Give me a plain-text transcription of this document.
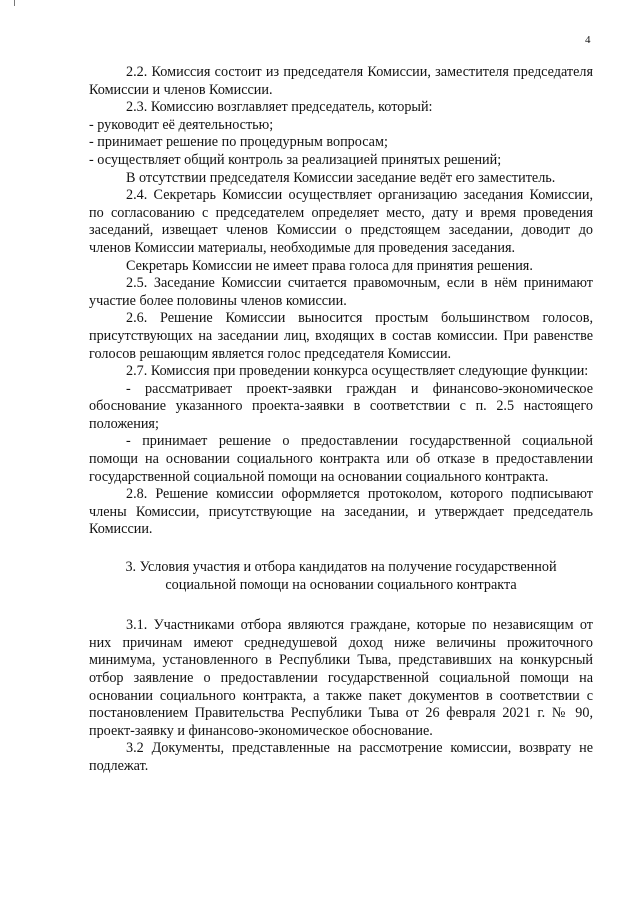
4

2.2. Комиссия состоит из председателя Комиссии, заместителя председателя Комиссии и членов Комиссии.

2.3. Комиссию возглавляет председатель, который:

- руководит её деятельностью;

- принимает решение по процедурным вопросам;

- осуществляет общий контроль за реализацией принятых решений;

В отсутствии председателя Комиссии заседание ведёт его заместитель.

2.4. Секретарь Комиссии осуществляет организацию заседания Комиссии, по согласованию с председателем определяет место, дату и время проведения заседаний, извещает членов Комиссии о предстоящем заседании, доводит до членов Комиссии материалы, необходимые для проведения заседания.

Секретарь Комиссии не имеет права голоса для принятия решения.

2.5. Заседание Комиссии считается правомочным, если в нём принимают участие более половины членов комиссии.

2.6. Решение Комиссии выносится простым большинством голосов, присутствующих на заседании лиц, входящих в состав комиссии. При равенстве голосов решающим является голос председателя Комиссии.

2.7. Комиссия при проведении конкурса осуществляет следующие функции:

- рассматривает проект-заявки граждан и финансово-экономическое обоснование указанного проекта-заявки в соответствии с п. 2.5 настоящего положения;

- принимает решение о предоставлении государственной социальной помощи на основании социального контракта или об отказе в предоставлении государственной социальной помощи на основании социального контракта.

2.8. Решение комиссии оформляется протоколом, которого подписывают члены Комиссии, присутствующие на заседании, и утверждает председатель Комиссии.

3. Условия участия и отбора кандидатов на получение государственной социальной помощи на основании социального контракта

3.1. Участниками отбора являются граждане, которые по независящим от них причинам имеют среднедушевой доход ниже величины прожиточного минимума, установленного в Республики Тыва, представивших на конкурсный отбор заявление о предоставлении государственной социальной помощи на основании социального контракта, а также пакет документов в соответствии с постановлением Правительства Республики Тыва от 26 февраля 2021 г. № 90, проект-заявку и финансово-экономическое обоснование.

3.2 Документы, представленные на рассмотрение комиссии, возврату не подлежат.
